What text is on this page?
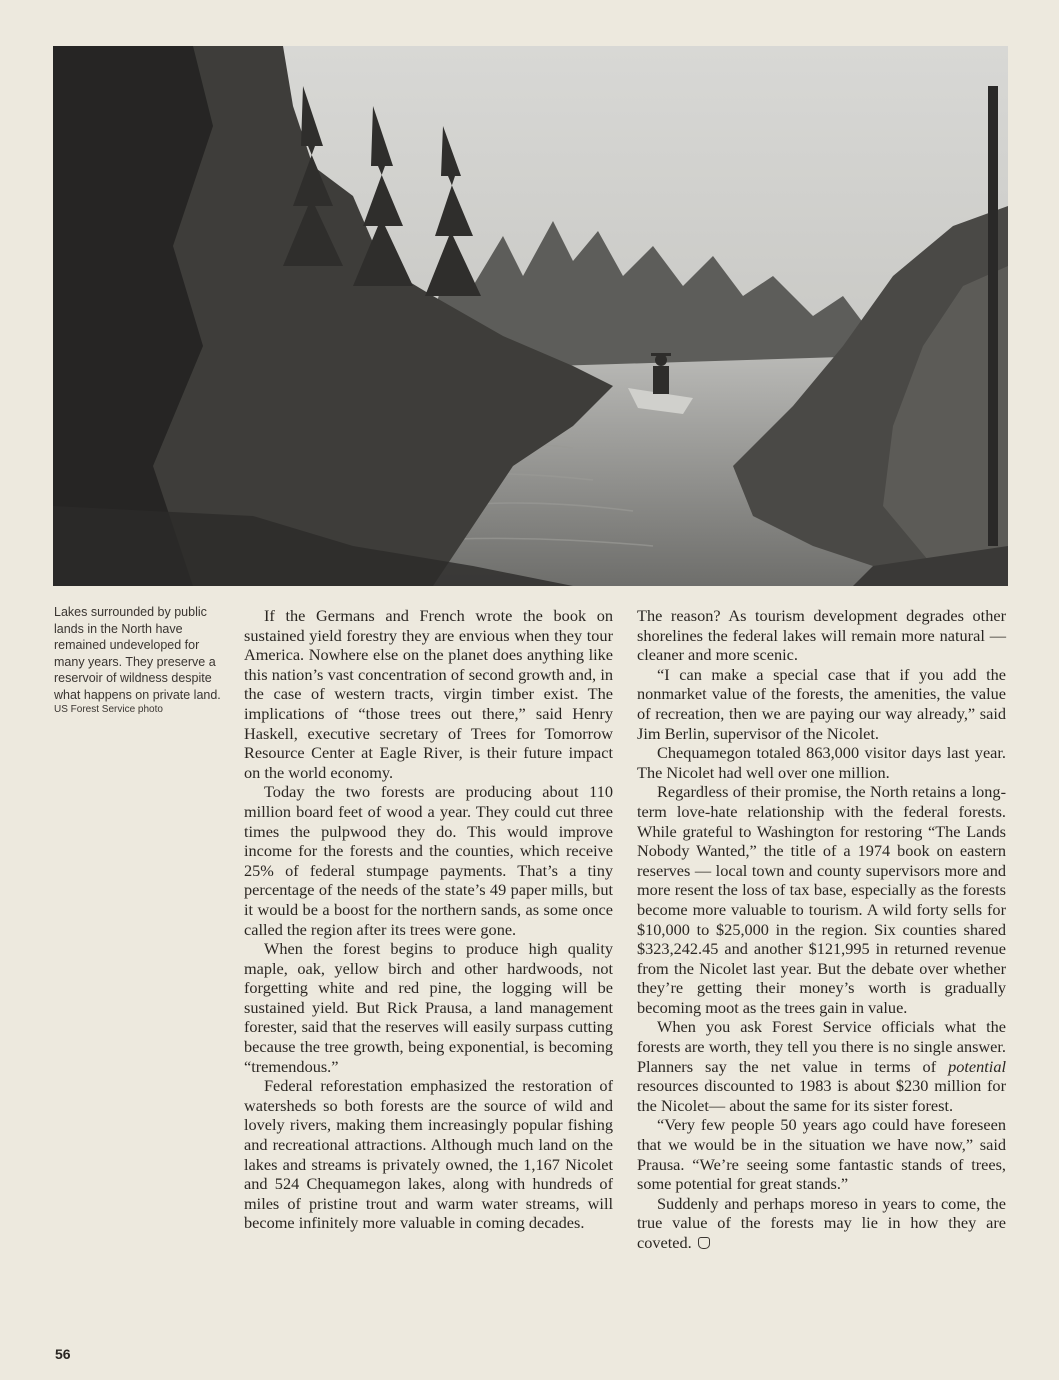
Lakes surrounded by public lands in the North have remained undeveloped for many years. They preserve a reservoir of wildness despite what happens on private land.
US Forest Service photo

If the Germans and French wrote the book on sustained yield forestry they are envious when they tour America. Nowhere else on the planet does anything like this nation’s vast concentration of second growth and, in the case of western tracts, virgin timber exist. The implications of “those trees out there,” said Henry Haskell, executive secretary of Trees for Tomorrow Resource Center at Eagle River, is their future impact on the world economy.

Today the two forests are producing about 110 million board feet of wood a year. They could cut three times the pulpwood they do. This would improve income for the forests and the counties, which receive 25% of federal stumpage payments. That’s a tiny percentage of the needs of the state’s 49 paper mills, but it would be a boost for the northern sands, as some once called the region after its trees were gone.

When the forest begins to produce high quality maple, oak, yellow birch and other hardwoods, not forgetting white and red pine, the logging will be sustained yield. But Rick Prausa, a land management forester, said that the reserves will easily surpass cutting because the tree growth, being exponential, is becoming “tremendous.”

Federal reforestation emphasized the restoration of watersheds so both forests are the source of wild and lovely rivers, making them increasingly popular fishing and recreational attractions. Although much land on the lakes and streams is privately owned, the 1,167 Nicolet and 524 Chequamegon lakes, along with hundreds of miles of pristine trout and warm water streams, will become infinitely more valuable in coming decades.

The reason? As tourism development degrades other shorelines the federal lakes will remain more natural — cleaner and more scenic.

“I can make a special case that if you add the nonmarket value of the forests, the amenities, the value of recreation, then we are paying our way already,” said Jim Berlin, supervisor of the Nicolet.

Chequamegon totaled 863,000 visitor days last year. The Nicolet had well over one million.

Regardless of their promise, the North retains a long-term love-hate relationship with the federal forests. While grateful to Washington for restoring “The Lands Nobody Wanted,” the title of a 1974 book on eastern reserves — local town and county supervisors more and more resent the loss of tax base, especially as the forests become more valuable to tourism. A wild forty sells for $10,000 to $25,000 in the region. Six counties shared $323,242.45 and another $121,995 in returned revenue from the Nicolet last year. But the debate over whether they’re getting their money’s worth is gradually becoming moot as the trees gain in value.

When you ask Forest Service officials what the forests are worth, they tell you there is no single answer. Planners say the net value in terms of potential resources discounted to 1983 is about $230 million for the Nicolet— about the same for its sister forest.

“Very few people 50 years ago could have foreseen that we would be in the situation we have now,” said Prausa. “We’re seeing some fantastic stands of trees, some potential for great stands.”

Suddenly and perhaps moreso in years to come, the true value of the forests may lie in how they are coveted.

56
